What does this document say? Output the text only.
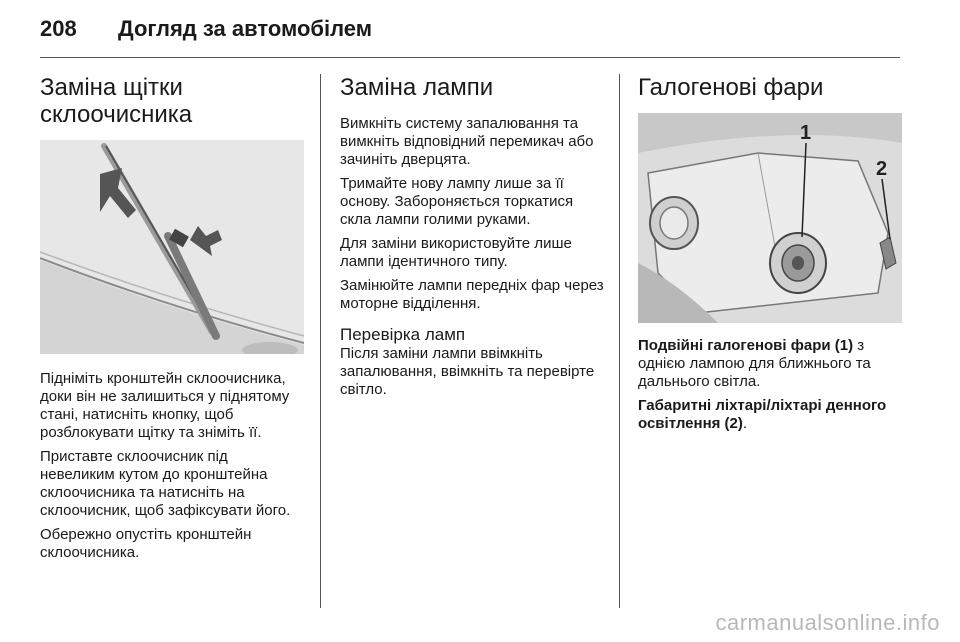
208 Догляд за автомобілем
Заміна щітки
склоочисника

Підніміть кронштейн склоочисника, доки він не залишиться у піднятому стані, натисніть кнопку, щоб розблокувати щітку та зніміть її.

Приставте склоочисник під невеликим кутом до кронштейна склоочисника та натисніть на склоочисник, щоб зафіксувати його.

Обережно опустіть кронштейн склоочисника.

Заміна лампи

Вимкніть систему запалювання та вимкніть відповідний перемикач або зачиніть дверцята.

Тримайте нову лампу лише за її основу. Забороняється торкатися скла лампи голими руками.

Для заміни використовуйте лише лампи ідентичного типу.

Замінюйте лампи передніх фар через моторне відділення.

Перевірка ламп

Після заміни лампи ввімкніть запалювання, ввімкніть та перевірте світло.

Галогенові фари
1
2

Подвійні галогенові фари (1) з однією лампою для ближнього та дальнього світла.

Габаритні ліхтарі/ліхтарі денного освітлення (2).

carmanualsonline.info
